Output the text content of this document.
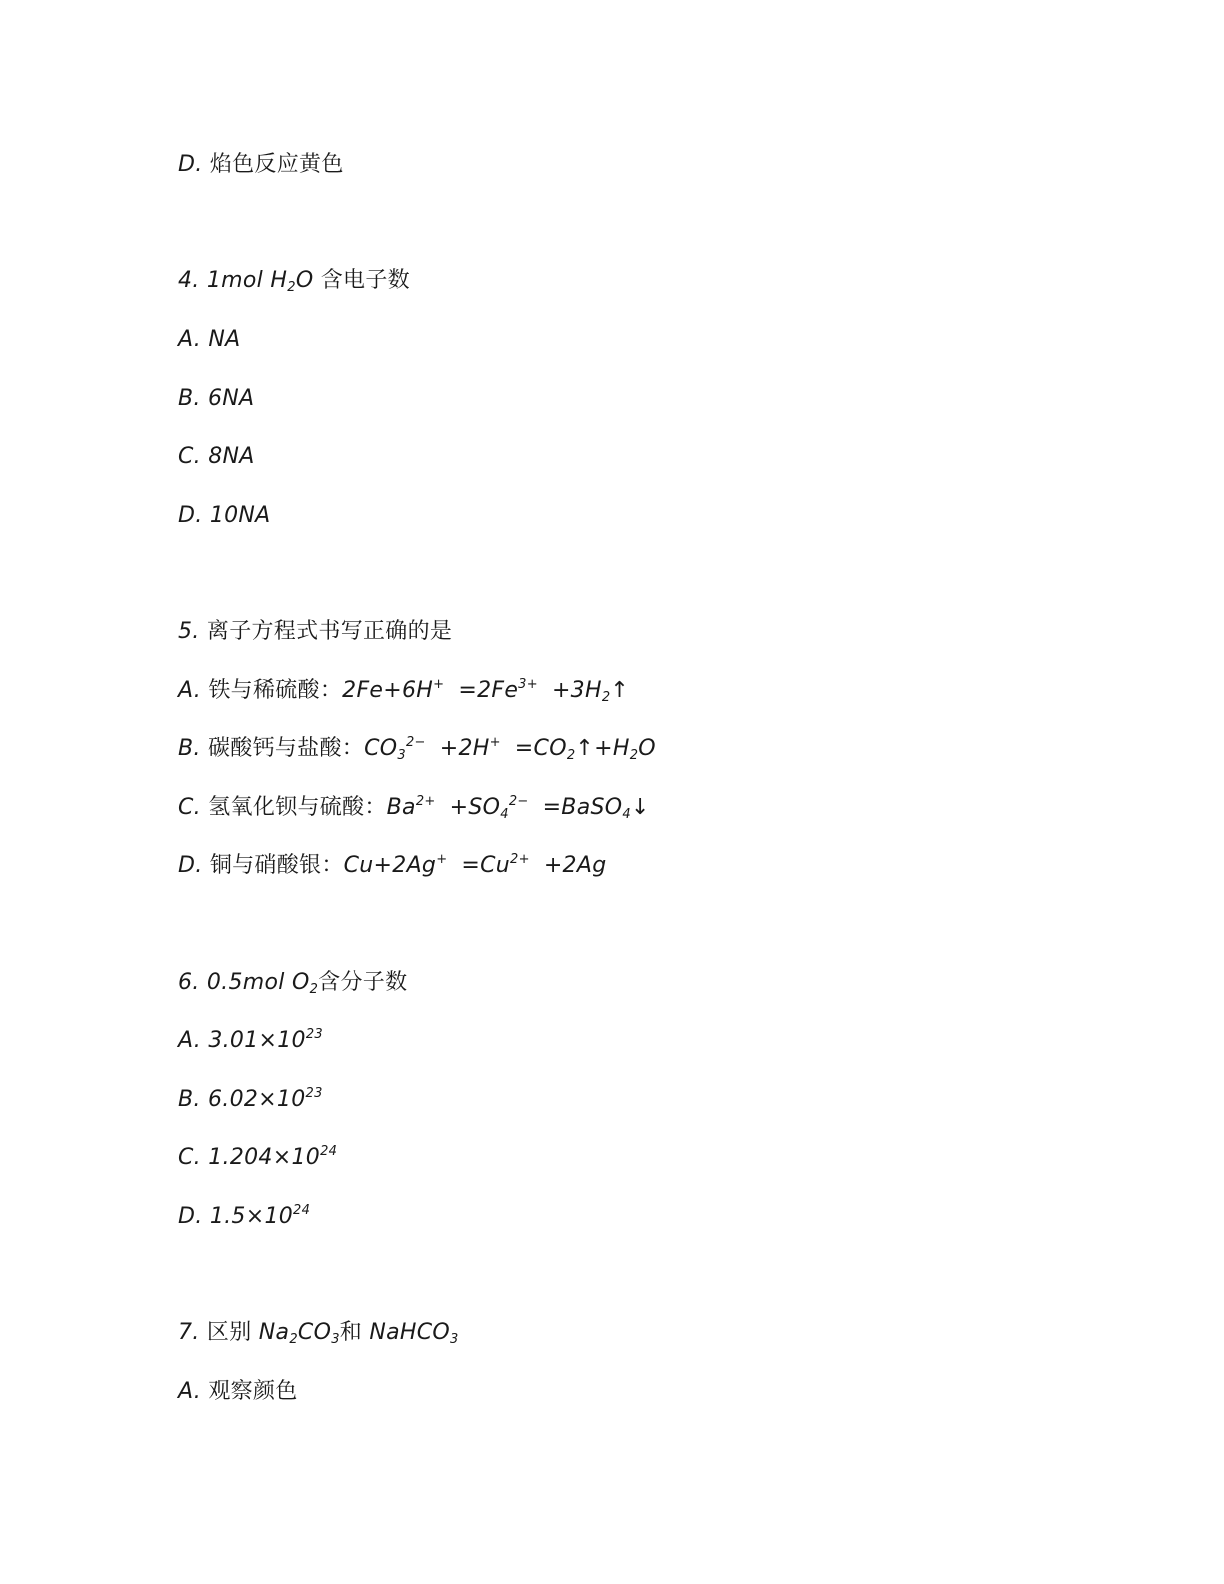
D. 焰色反应黄色
4. 1mol $H_2O$ 含电子数
A. NA
B. 6NA
C. 8NA
D. 10NA
5. 离子方程式书写正确的是
A. 铁与稀硫酸：$2Fe+6H^+ =2Fe^{3+}$ $+3H_2↑$
B. 碳酸钙与盐酸：$CO_3^{2-} +2H^+$ $=CO_2↑+H_2O$
C. 氢氧化钡与硫酸：$Ba^{2+} +SO_4^{2-}$ =BaSO$_4$↓
D. 铜与硝酸银：$Cu+2Ag^+ =Cu^{2+} +2Ag$
6. 0.5mol $O_2$含分子数
A. $3.01\times 10^{23}$
B. $6.02\times 10^{23}$
C. $1.204\times 10^{24}$
D. $1.5\times 10^{24}$
7. 区别 $Na_2CO_3$和 NaHCO$_3$
A. 观察颜色
